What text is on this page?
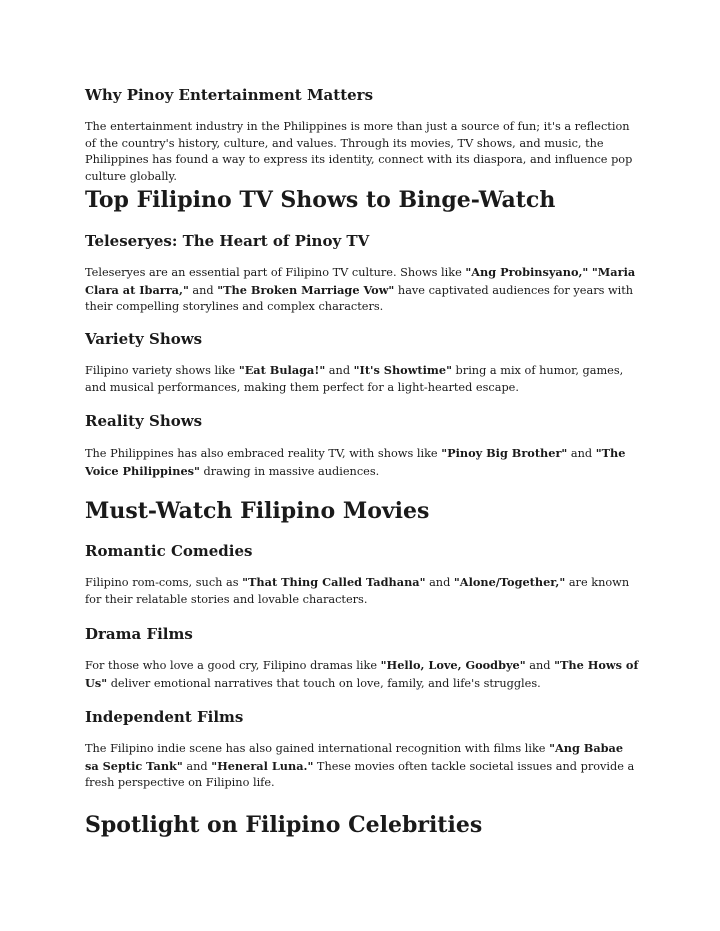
Why Pinoy Entertainment Matters

The entertainment industry in the Philippines is more than just a source of fun; it's a reflection of the country's history, culture, and values. Through its movies, TV shows, and music, the Philippines has found a way to express its identity, connect with its diaspora, and influence pop culture globally.

Top Filipino TV Shows to Binge-Watch
Teleseryes: The Heart of Pinoy TV

Teleseryes are an essential part of Filipino TV culture. Shows like "Ang Probinsyano," "Maria Clara at Ibarra," and "The Broken Marriage Vow" have captivated audiences for years with their compelling storylines and complex characters.

Variety Shows

Filipino variety shows like "Eat Bulaga!" and "It's Showtime" bring a mix of humor, games, and musical performances, making them perfect for a light-hearted escape.

Reality Shows

The Philippines has also embraced reality TV, with shows like "Pinoy Big Brother" and "The Voice Philippines" drawing in massive audiences.

Must-Watch Filipino Movies
Romantic Comedies

Filipino rom-coms, such as "That Thing Called Tadhana" and "Alone/Together," are known for their relatable stories and lovable characters.

Drama Films

For those who love a good cry, Filipino dramas like "Hello, Love, Goodbye" and "The Hows of Us" deliver emotional narratives that touch on love, family, and life's struggles.

Independent Films

The Filipino indie scene has also gained international recognition with films like "Ang Babae sa Septic Tank" and "Heneral Luna." These movies often tackle societal issues and provide a fresh perspective on Filipino life.

Spotlight on Filipino Celebrities
